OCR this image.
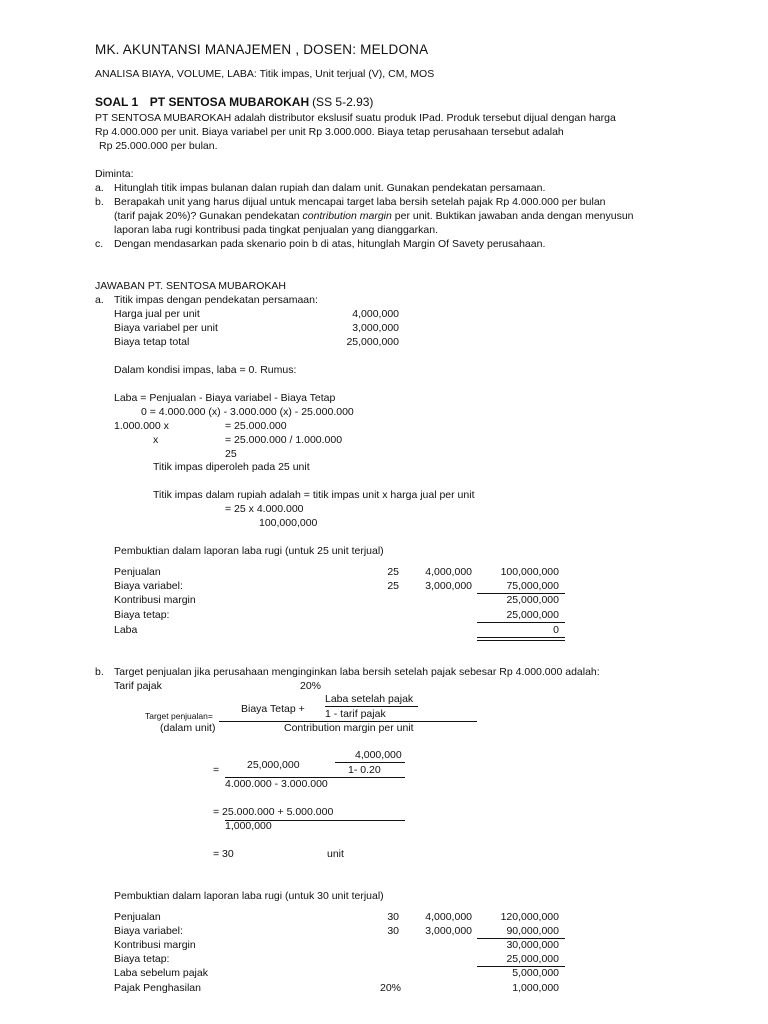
MK. AKUNTANSI MANAJEMEN , DOSEN: MELDONA
ANALISA BIAYA, VOLUME, LABA: Titik impas, Unit terjual (V), CM, MOS
SOAL 1 PT SENTOSA MUBAROKAH (SS 5-2.93)
PT SENTOSA MUBAROKAH adalah distributor ekslusif suatu produk IPad. Produk tersebut dijual dengan harga
Rp 4.000.000 per unit. Biaya variabel per unit Rp 3.000.000. Biaya tetap perusahaan tersebut adalah
Rp 25.000.000 per bulan.
Diminta:
a. Hitunglah titik impas bulanan dalan rupiah dan dalam unit. Gunakan pendekatan persamaan.
b. Berapakah unit yang harus dijual untuk mencapai target laba bersih setelah pajak Rp 4.000.000 per bulan
(tarif pajak 20%)? Gunakan pendekatan contribution margin per unit. Buktikan jawaban anda dengan menyusun
laporan laba rugi kontribusi pada tingkat penjualan yang dianggarkan.
c. Dengan mendasarkan pada skenario poin b di atas, hitunglah Margin Of Savety perusahaan.
JAWABAN PT. SENTOSA MUBAROKAH
a. Titik impas dengan pendekatan persamaan:
Harga jual per unit	4,000,000
Biaya variabel per unit	3,000,000
Biaya tetap total	25,000,000
Dalam kondisi impas, laba = 0. Rumus:
Laba = Penjualan - Biaya variabel - Biaya Tetap
0 = 4.000.000 (x) - 3.000.000 (x) - 25.000.000
1.000.000 x	= 25.000.000
x	= 25.000.000 / 1.000.000
25
Titik impas diperoleh pada 25 unit
Titik impas dalam rupiah adalah = titik impas unit x harga jual per unit
= 25 x 4.000.000
100,000,000
Pembuktian dalam laporan laba rugi (untuk 25 unit terjual)
Penjualan	25	4,000,000	100,000,000
Biaya variabel:	25	3,000,000	75,000,000
Kontribusi margin	25,000,000
Biaya tetap:	25,000,000
Laba	0
b. Target penjualan jika perusahaan menginginkan laba bersih setelah pajak sebesar Rp 4.000.000 adalah:
Tarif pajak	20%
Laba setelah pajak
Biaya Tetap +
Target penjualan=	1 - tarif pajak
(dalam unit)	Contribution margin per unit
4,000,000
25,000,000	1- 0.20
=
4.000.000 - 3.000.000
= 25.000.000 + 5.000.000
1,000,000
= 30	unit
Pembuktian dalam laporan laba rugi (untuk 30 unit terjual)
Penjualan	30	4,000,000	120,000,000
Biaya variabel:	30	3,000,000	90,000,000
Kontribusi margin	30,000,000
Biaya tetap:	25,000,000
Laba sebelum pajak	5,000,000
Pajak Penghasilan	20%	1,000,000
